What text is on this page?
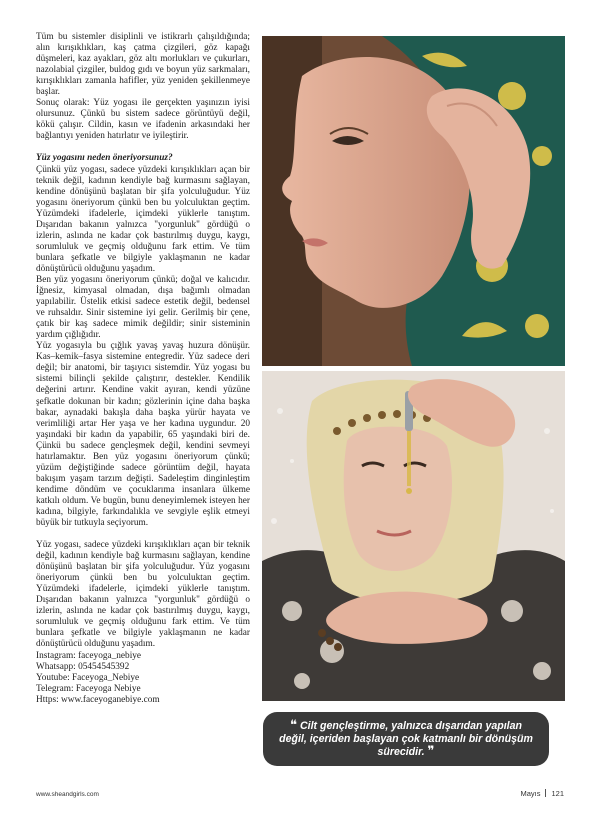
Tüm bu sistemler disiplinli ve istikrarlı çalışıldığında; alın kırışıklıkları, kaş çatma çizgileri, göz kapağı düşmeleri, kaz ayakları, göz altı morlukları ve çukurları, nazolabial çizgiler, buldog gıdı ve boyun yüz sarkmaları, kırışıklıkları zamanla hafifler, yüz yeniden şekillenmeye başlar.

Sonuç olarak: Yüz yogası ile gerçekten yaşınızın iyisi olursunuz. Çünkü bu sistem sadece görüntüyü değil, kökü çalışır. Cildin, kasın ve ifadenin arkasındaki her bağlantıyı yeniden hatırlatır ve iyileştirir.

Yüz yogasını neden öneriyorsunuz?

Çünkü yüz yogası, sadece yüzdeki kırışıklıkları açan bir teknik değil, kadının kendiyle bağ kurmasını sağlayan, kendine dönüşünü başlatan bir şifa yolculuğudur. Yüz yogasını öneriyorum çünkü ben bu yolculuktan geçtim. Yüzümdeki ifadelerle, içimdeki yüklerle tanıştım. Dışarıdan bakanın yalnızca "yorgunluk" gördüğü o izlerin, aslında ne kadar çok bastırılmış duygu, kaygı, sorumluluk ve geçmiş olduğunu fark ettim. Ve tüm bunlara şefkatle ve bilgiyle yaklaşmanın ne kadar dönüştürücü olduğunu yaşadım.

Ben yüz yogasını öneriyorum çünkü; doğal ve kalıcıdır. İğnesiz, kimyasal olmadan, dışa bağımlı olmadan yapılabilir. Üstelik etkisi sadece estetik değil, bedensel ve ruhsaldır. Sinir sistemine iyi gelir. Gerilmiş bir çene, çatık bir kaş sadece mimik değildir; sinir sisteminin yardım çığlığıdır.

Yüz yogasıyla bu çığlık yavaş yavaş huzura dönüşür. Kas–kemik–fasya sistemine entegredir. Yüz sadece deri değil; bir anatomi, bir taşıyıcı sistemdir. Yüz yogası bu sistemi bilinçli şekilde çalıştırır, destekler. Kendilik değerini artırır. Kendine vakit ayıran, kendi yüzüne şefkatle dokunan bir kadın; gözlerinin içine daha başka bakar, aynadaki bakışla daha başka yürür hayata ve verimliliği artar Her yaşa ve her kadına uygundur. 20 yaşındaki bir kadın da yapabilir, 65 yaşındaki biri de. Çünkü bu sadece gençleşmek değil, kendini sevmeyi hatırlamaktır. Ben yüz yogasını öneriyorum çünkü; yüzüm değiştiğinde sadece görüntüm değil, hayata bakışım yaşam tarzım değişti. Sadeleştim dinginleştim kendime döndüm ve çocuklarıma insanlara ülkeme katkılı oldum. Ve bugün, bunu deneyimlemek isteyen her kadına, bilgiyle, farkındalıkla ve sevgiyle eşlik etmeyi büyük bir tutkuyla seçiyorum.

Yüz yogası, sadece yüzdeki kırışıklıkları açan bir teknik değil, kadının kendiyle bağ kurmasını sağlayan, kendine dönüşünü başlatan bir şifa yolculuğudur. Yüz yogasını öneriyorum çünkü ben bu yolculuktan geçtim. Yüzümdeki ifadelerle, içimdeki yüklerle tanıştım. Dışarıdan bakanın yalnızca "yorgunluk" gördüğü o izlerin, aslında ne kadar çok bastırılmış duygu, kaygı, sorumluluk ve geçmiş olduğunu fark ettim. Ve tüm bunlara şefkatle ve bilgiyle yaklaşmanın ne kadar dönüştürücü olduğunu yaşadım.

Instagram: faceyoga_nebiye
Whatsapp: 05454545392
Youtube: Faceyoga_Nebiye
Telegram: Faceyoga Nebiye
Https: www.faceyoganebiye.com
❝ Cilt gençleştirme, yalnızca dışarıdan yapılan değil, içeriden başlayan çok katmanlı bir dönüşüm sürecidir. ❞
www.sheandgirls.com	Mayıs 121
